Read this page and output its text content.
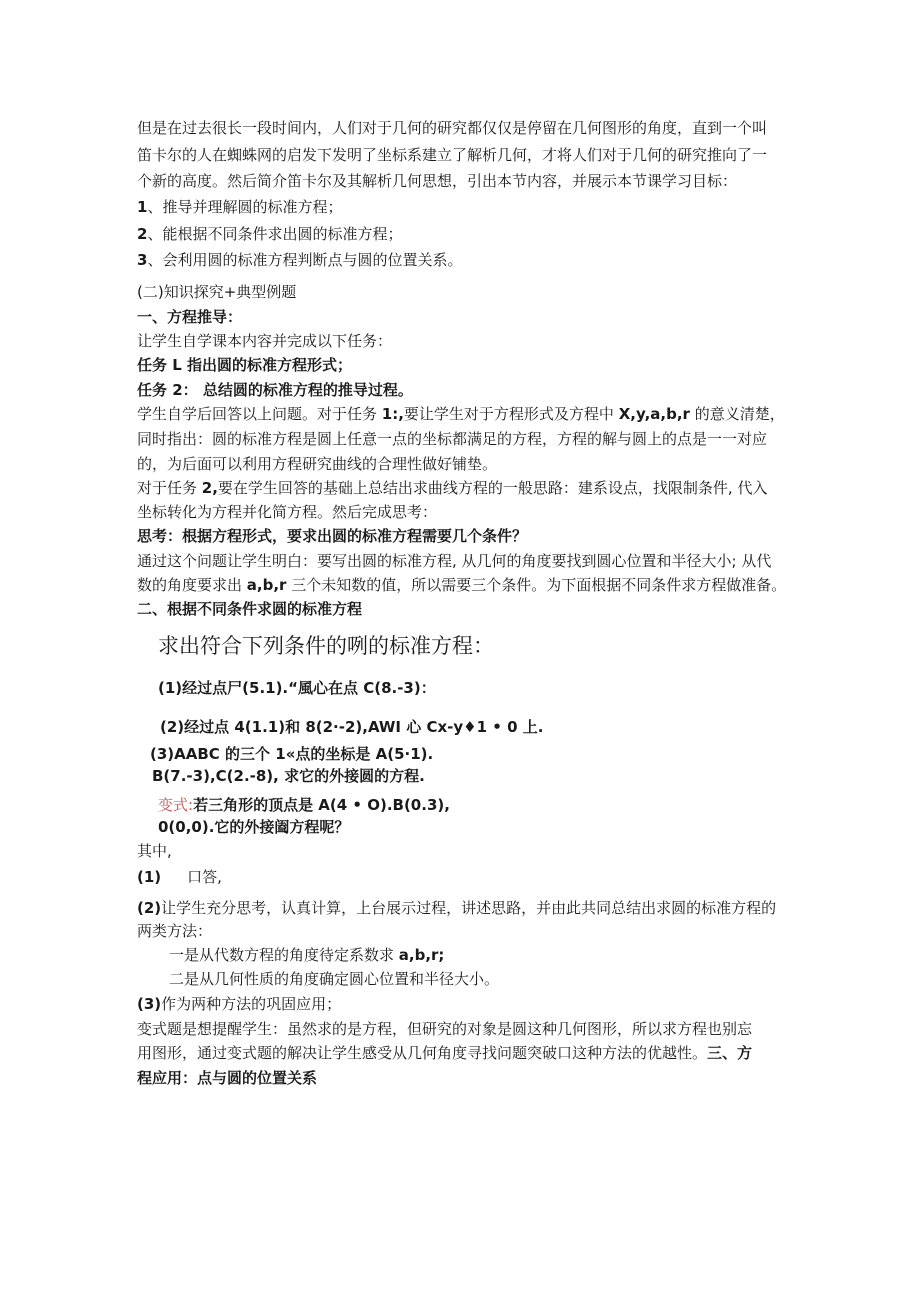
但是在过去很长一段时间内，人们对于几何的研究都仅仅是停留在几何图形的角度，直到一个叫
笛卡尔的人在蜘蛛网的启发下发明了坐标系建立了解析几何，才将人们对于几何的研究推向了一
个新的高度。然后简介笛卡尔及其解析几何思想，引出本节内容，并展示本节课学习目标：
1、推导并理解圆的标准方程；
2、能根据不同条件求出圆的标准方程；
3、会利用圆的标准方程判断点与圆的位置关系。
(二)知识探究+典型例题
一、方程推导：
让学生自学课本内容并完成以下任务：
任务 L 指出圆的标准方程形式；
任务 2： 总结圆的标准方程的推导过程。
学生自学后回答以上问题。对于任务 1:,要让学生对于方程形式及方程中 X,y,a,b,r 的意义清楚，
同时指出：圆的标准方程是圆上任意一点的坐标都满足的方程，方程的解与圆上的点是一一对应
的，为后面可以利用方程研究曲线的合理性做好铺垫。
对于任务 2,要在学生回答的基础上总结出求曲线方程的一般思路：建系设点，找限制条件, 代入
坐标转化为方程并化简方程。然后完成思考：
思考：根据方程形式，要求出圆的标准方程需要几个条件？
通过这个问题让学生明白：要写出圆的标准方程, 从几何的角度要找到圆心位置和半径大小; 从代
数的角度要求出 a,b,r 三个未知数的值，所以需要三个条件。为下面根据不同条件求方程做准备。
二、根据不同条件求圆的标准方程
求出符合下列条件的咧的标准方程：
(1)经过点尸(5.1).“風心在点 C(8.-3)：
(2)经过点 4(1.1)和 8(2·-2),AWI 心 Cx-y♦1 • 0 上.
(3)AABC 的三个 1«点的坐标是 A(5·1).
B(7.-3),C(2.-8), 求它的外接圆的方程.
变式:若三角形的顶点是 A(4 • O).B(0.3),
0(0,0).它的外接阖方程呢？
其中,
(1) 口答,
(2)让学生充分思考，认真计算，上台展示过程，讲述思路，并由此共同总结出求圆的标准方程的
两类方法：
一是从代数方程的角度待定系数求 a,b,r;
二是从几何性质的角度确定圆心位置和半径大小。
(3)作为两种方法的巩固应用；
变式题是想提醒学生：虽然求的是方程，但研究的对象是圆这种几何图形，所以求方程也别忘
用图形，通过变式题的解决让学生感受从几何角度寻找问题突破口这种方法的优越性。三、方
程应用：点与圆的位置关系
